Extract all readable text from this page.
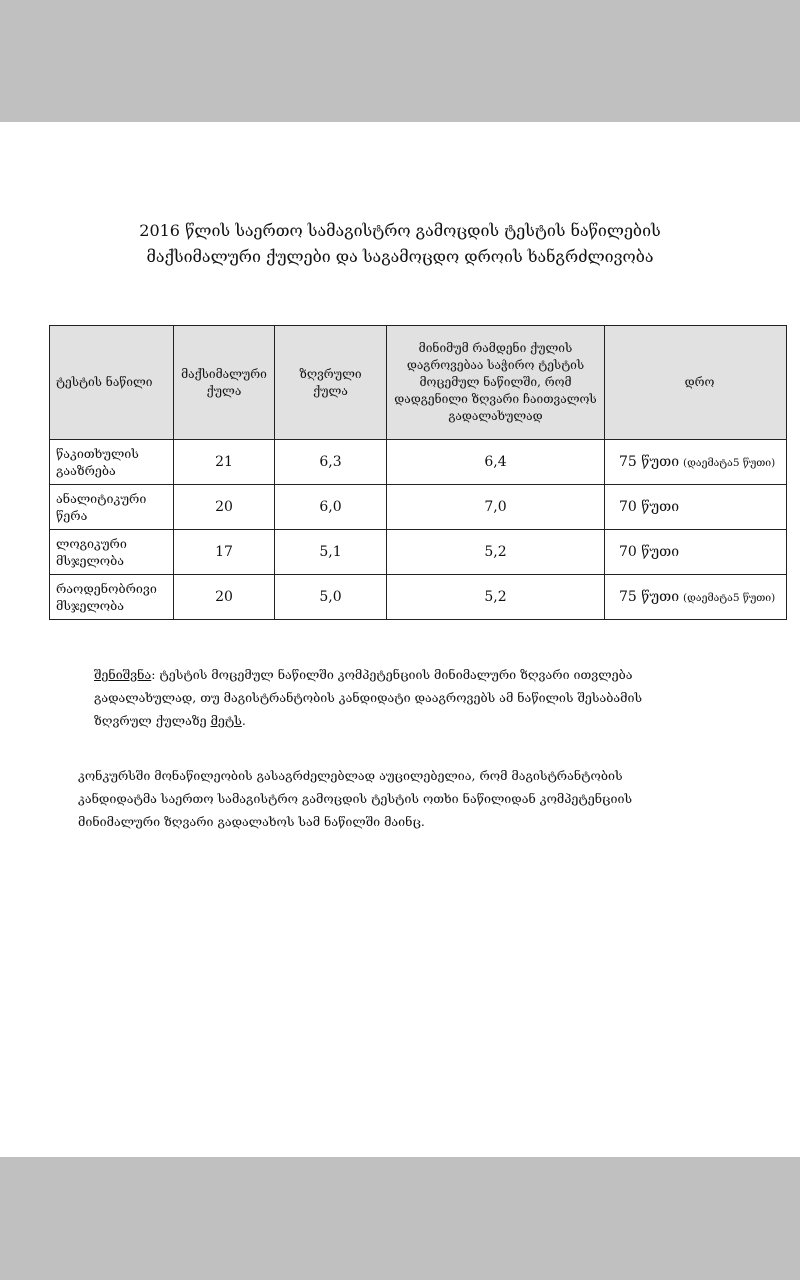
2016 წლის საერთო სამაგისტრო გამოცდის ტესტის ნაწილების
მაქსიმალური ქულები და საგამოცდო დროის ხანგრძლივობა
ტესტის ნაწილი	მაქსიმალური ქულა	ზღვრული ქულა	მინიმუმ რამდენი ქულის დაგროვებაა საჭირო ტესტის მოცემულ ნაწილში, რომ დადგენილი ზღვარი ჩაითვალოს გადალახულად	დრო
წაკითხულის გააზრება	21	6,3	6,4	75 წუთი (დაემატა5 წუთი)
ანალიტიკური წერა	20	6,0	7,0	70 წუთი
ლოგიკური მსჯელობა	17	5,1	5,2	70 წუთი
რაოდენობრივი მსჯელობა	20	5,0	5,2	75 წუთი (დაემატა5 წუთი)
შენიშვნა: ტესტის მოცემულ ნაწილში კომპეტენციის მინიმალური ზღვარი ითვლება გადალახულად, თუ მაგისტრანტობის კანდიდატი დააგროვებს ამ ნაწილის შესაბამის ზღვრულ ქულაზე მეტს.
კონკურსში მონაწილეობის გასაგრძელებლად აუცილებელია, რომ მაგისტრანტობის კანდიდატმა საერთო სამაგისტრო გამოცდის ტესტის ოთხი ნაწილიდან კომპეტენციის მინიმალური ზღვარი გადალახოს სამ ნაწილში მაინც.
